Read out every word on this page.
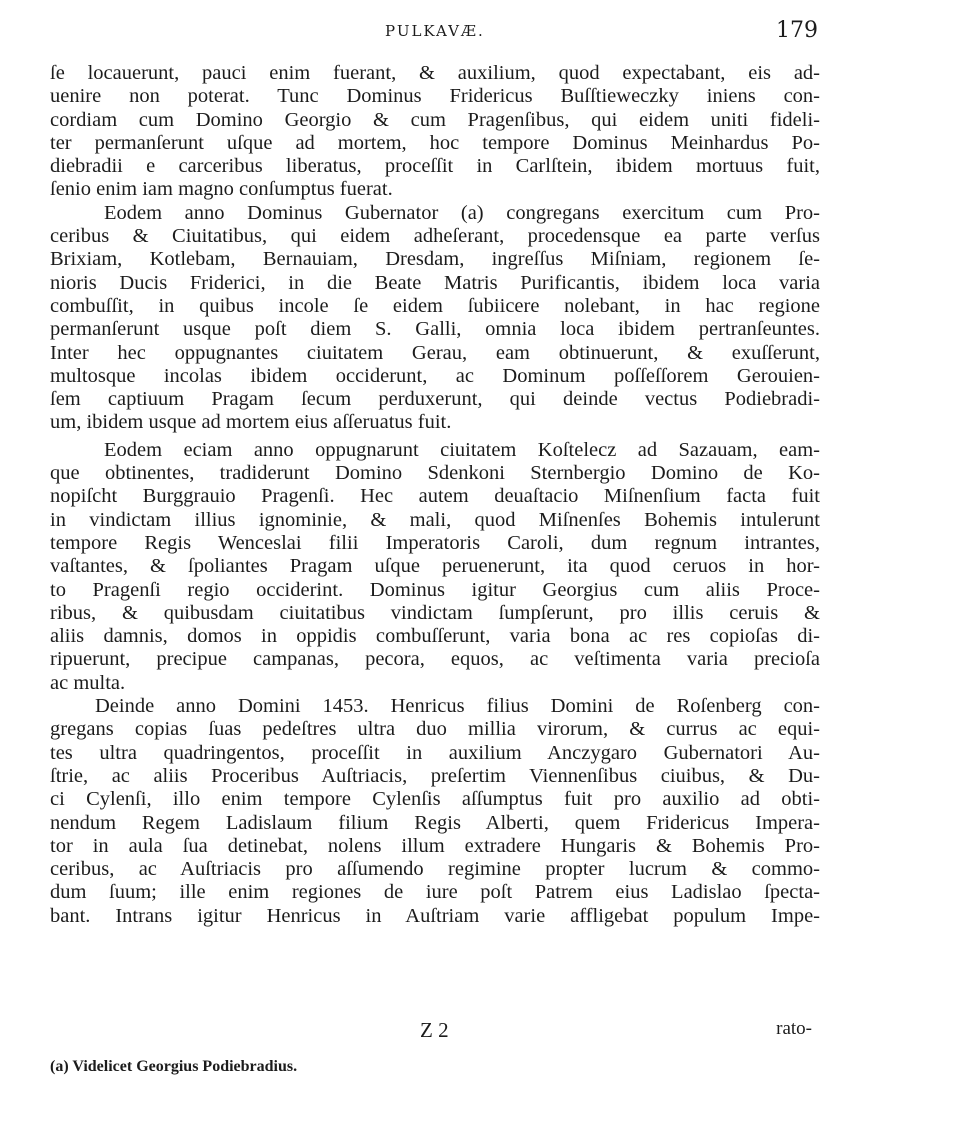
PULKAVÆ.	179
ſe locauerunt, pauci enim fuerant, & auxilium, quod expectabant, eis ad-
uenire non poterat. Tunc Dominus Fridericus Buſſtieweczky iniens con-
cordiam cum Domino Georgio & cum Pragenſibus, qui eidem uniti fideli-
ter permanſerunt uſque ad mortem, hoc tempore Dominus Meinhardus Po-
diebradii e carceribus liberatus, proceſſit in Carlſtein, ibidem mortuus fuit,
ſenio enim iam magno conſumptus fuerat.
Eodem anno Dominus Gubernator (a) congregans exercitum cum Pro-
ceribus & Ciuitatibus, qui eidem adheſerant, procedensque ea parte verſus
Brixiam, Kotlebam, Bernauiam, Dresdam, ingreſſus Miſniam, regionem ſe-
nioris Ducis Friderici, in die Beate Matris Purificantis, ibidem loca varia
combuſſit, in quibus incole ſe eidem ſubiicere nolebant, in hac regione
permanſerunt usque poſt diem S. Galli, omnia loca ibidem pertranſeuntes.
Inter hec oppugnantes ciuitatem Gerau, eam obtinuerunt, & exuſſerunt,
multosque incolas ibidem occiderunt, ac Dominum poſſeſſorem Gerouien-
ſem captiuum Pragam ſecum perduxerunt, qui deinde vectus Podiebradi-
um, ibidem usque ad mortem eius aſſeruatus fuit.
Eodem eciam anno oppugnarunt ciuitatem Koſtelecz ad Sazauam, eam-
que obtinentes, tradiderunt Domino Sdenkoni Sternbergio Domino de Ko-
nopiſcht Burggrauio Pragenſi. Hec autem deuaſtacio Miſnenſium facta fuit
in vindictam illius ignominie, & mali, quod Miſnenſes Bohemis intulerunt
tempore Regis Wenceslai filii Imperatoris Caroli, dum regnum intrantes,
vaſtantes, & ſpoliantes Pragam uſque peruenerunt, ita quod ceruos in hor-
to Pragenſi regio occiderint. Dominus igitur Georgius cum aliis Proce-
ribus, & quibusdam ciuitatibus vindictam ſumpſerunt, pro illis ceruis &
aliis damnis, domos in oppidis combuſſerunt, varia bona ac res copioſas di-
ripuerunt, precipue campanas, pecora, equos, ac veſtimenta varia precioſa
ac multa.
Deinde anno Domini 1453. Henricus filius Domini de Roſenberg con-
gregans copias ſuas pedeſtres ultra duo millia virorum, & currus ac equi-
tes ultra quadringentos, proceſſit in auxilium Anczygaro Gubernatori Au-
ſtrie, ac aliis Proceribus Auſtriacis, preſertim Viennenſibus ciuibus, & Du-
ci Cylenſi, illo enim tempore Cylenſis aſſumptus fuit pro auxilio ad obti-
nendum Regem Ladislaum filium Regis Alberti, quem Fridericus Impera-
tor in aula ſua detinebat, nolens illum extradere Hungaris & Bohemis Pro-
ceribus, ac Auſtriacis pro aſſumendo regimine propter lucrum & commo-
dum ſuum; ille enim regiones de iure poſt Patrem eius Ladislao ſpecta-
bant. Intrans igitur Henricus in Auſtriam varie affligebat populum Impe-
Z 2	rato-
(a) Videlicet Georgius Podiebradius.
